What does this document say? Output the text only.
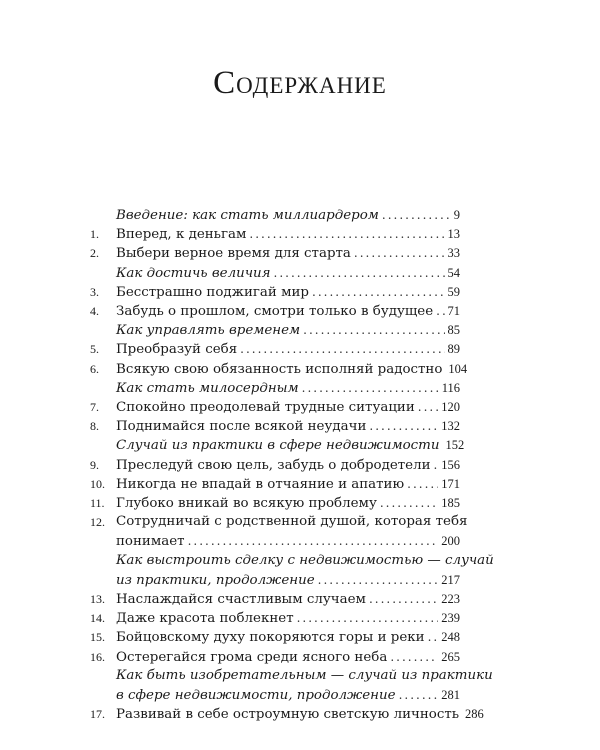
Содержание
Введение: как стать миллиардером .....	9
1.	Вперед, к деньгам .....	13
2.	Выбери верное время для старта .....	33
Как достичь величия .....	54
3.	Бесстрашно поджигай мир .....	59
4.	Забудь о прошлом, смотри только в будущее ..... 71
Как управлять временем .....	85
5.	Преобразуй себя .....	89
6.	Всякую свою обязанность исполняй радостно 104
Как стать милосердным .....	116
7.	Спокойно преодолевай трудные ситуации ..... 120
8.	Поднимайся после всякой неудачи .....	132
Случай из практики в сфере недвижимости 152
9.	Преследуй свою цель, забудь о добродетели ..... 156
10. Никогда не впадай в отчаяние и апатию .....	171
11. Глубоко вникай во всякую проблему .....	185
12. Сотрудничай с родственной душой, которая тебя
понимает .....	200
Как выстроить сделку с недвижимостью — случай
из практики, продолжение .....	217
13. Наслаждайся счастливым случаем .....	223
14. Даже красота поблекнет .....	239
15. Бойцовскому духу покоряются горы и реки ..... 248
16. Остерегайся грома среди ясного неба .....	265
Как быть изобретательным — случай из практики
в сфере недвижимости, продолжение .....	281
17. Развивай в себе остроумную светскую личность 286
